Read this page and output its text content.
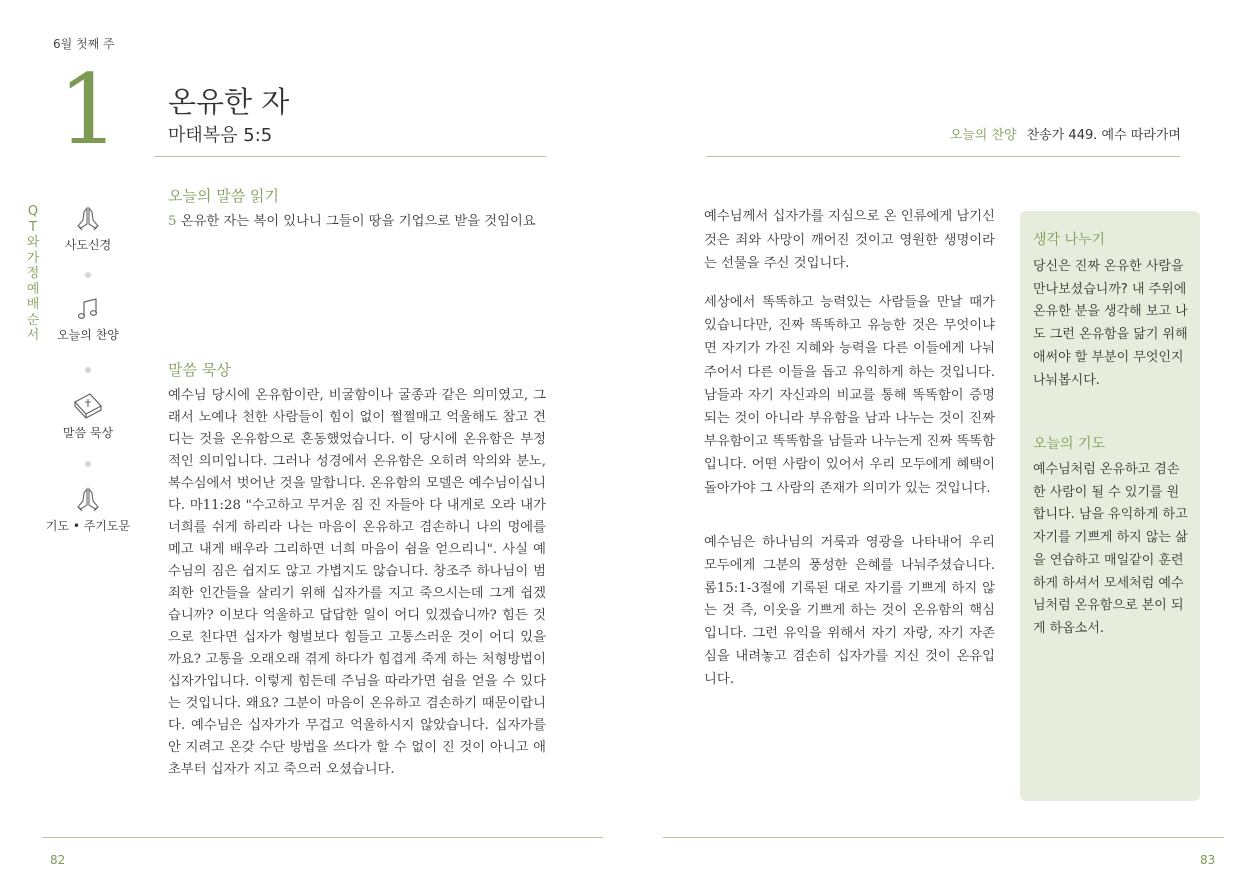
6월 첫째 주
1 온유한 자
마태복음 5:5
QT와 가정예배 순서
사도신경
오늘의 찬양
말씀 묵상
기도 • 주기도문
오늘의 말씀 읽기
5 온유한 자는 복이 있나니 그들이 땅을 기업으로 받을 것임이요
말씀 묵상
예수님 당시에 온유함이란, 비굴함이나 굴종과 같은 의미였고, 그래서 노예나 천한 사람들이 힘이 없이 쩔쩔매고 억울해도 참고 견디는 것을 온유함으로 혼동했었습니다. 이 당시에 온유함은 부정적인 의미입니다. 그러나 성경에서 온유함은 오히려 악의와 분노, 복수심에서 벗어난 것을 말합니다. 온유함의 모델은 예수님이십니다. 마11:28 "수고하고 무거운 짐 진 자들아 다 내게로 오라 내가 너희를 쉬게 하리라 나는 마음이 온유하고 겸손하니 나의 멍에를 메고 내게 배우라 그리하면 너희 마음이 쉼을 얻으리니". 사실 예수님의 짐은 쉽지도 않고 가볍지도 않습니다. 창조주 하나님이 범죄한 인간들을 살리기 위해 십자가를 지고 죽으시는데 그게 쉽겠습니까? 이보다 억울하고 답답한 일이 어디 있겠습니까? 힘든 것으로 친다면 십자가 형벌보다 힘들고 고통스러운 것이 어디 있을까요? 고통을 오래오래 겪게 하다가 힘겹게 죽게 하는 처형방법이 십자가입니다. 이렇게 힘든데 주님을 따라가면 쉼을 얻을 수 있다는 것입니다. 왜요? 그분이 마음이 온유하고 겸손하기 때문이랍니다. 예수님은 십자가가 무겁고 억울하시지 않았습니다. 십자가를 안 지려고 온갖 수단 방법을 쓰다가 할 수 없이 진 것이 아니고 애초부터 십자가 지고 죽으러 오셨습니다.
오늘의 찬양 찬송가 449. 예수 따라가며
예수님께서 십자가를 지심으로 온 인류에게 남기신 것은 죄와 사망이 깨어진 것이고 영원한 생명이라는 선물을 주신 것입니다.
세상에서 똑똑하고 능력있는 사람들을 만날 때가 있습니다만, 진짜 똑똑하고 유능한 것은 무엇이냐면 자기가 가진 지혜와 능력을 다른 이들에게 나눠주어서 다른 이들을 돕고 유익하게 하는 것입니다. 남들과 자기 자신과의 비교를 통해 똑똑함이 증명되는 것이 아니라 부유함을 남과 나누는 것이 진짜 부유함이고 똑똑함을 남들과 나누는게 진짜 똑똑함입니다. 어떤 사람이 있어서 우리 모두에게 혜택이 돌아가야 그 사람의 존재가 의미가 있는 것입니다.
예수님은 하나님의 거룩과 영광을 나타내어 우리 모두에게 그분의 풍성한 은혜를 나눠주셨습니다. 롬15:1-3절에 기록된 대로 자기를 기쁘게 하지 않는 것 즉, 이웃을 기쁘게 하는 것이 온유함의 핵심입니다. 그런 유익을 위해서 자기 자랑, 자기 자존심을 내려놓고 겸손히 십자가를 지신 것이 온유입니다.
생각 나누기
당신은 진짜 온유한 사람을 만나보셨습니까? 내 주위에 온유한 분을 생각해 보고 나도 그런 온유함을 닮기 위해 애써야 할 부분이 무엇인지 나눠봅시다.
오늘의 기도
예수님처럼 온유하고 겸손한 사람이 될 수 있기를 원합니다. 남을 유익하게 하고 자기를 기쁘게 하지 않는 삶을 연습하고 매일같이 훈련하게 하셔서 모세처럼 예수님처럼 온유함으로 본이 되게 하옵소서.
82	83
